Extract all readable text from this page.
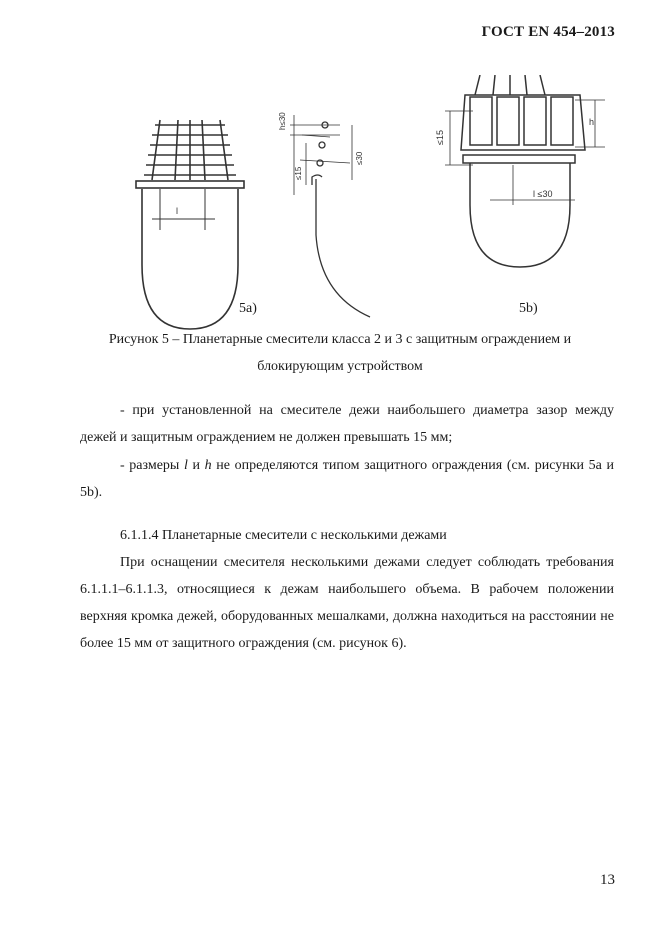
ГОСТ EN 454–2013
l
h≤30
≤15
≤30
≤15
h
l ≤30
5a)	5b)
Рисунок 5 – Планетарные смесители класса 2 и 3 с защитным ограждением и
блокирующим устройством
- при установленной на смесителе дежи наибольшего диаметра зазор между дежей и защитным ограждением не должен превышать 15 мм;
- размеры l и h не определяются типом защитного ограждения (см. рисунки 5а и 5b).
6.1.1.4 Планетарные смесители с несколькими дежами
При оснащении смесителя несколькими дежами следует соблюдать требования 6.1.1.1–6.1.1.3, относящиеся к дежам наибольшего объема. В рабочем положении верхняя кромка дежей, оборудованных мешалками, должна находиться на расстоянии не более 15 мм от защитного ограждения (см. рисунок 6).
13
